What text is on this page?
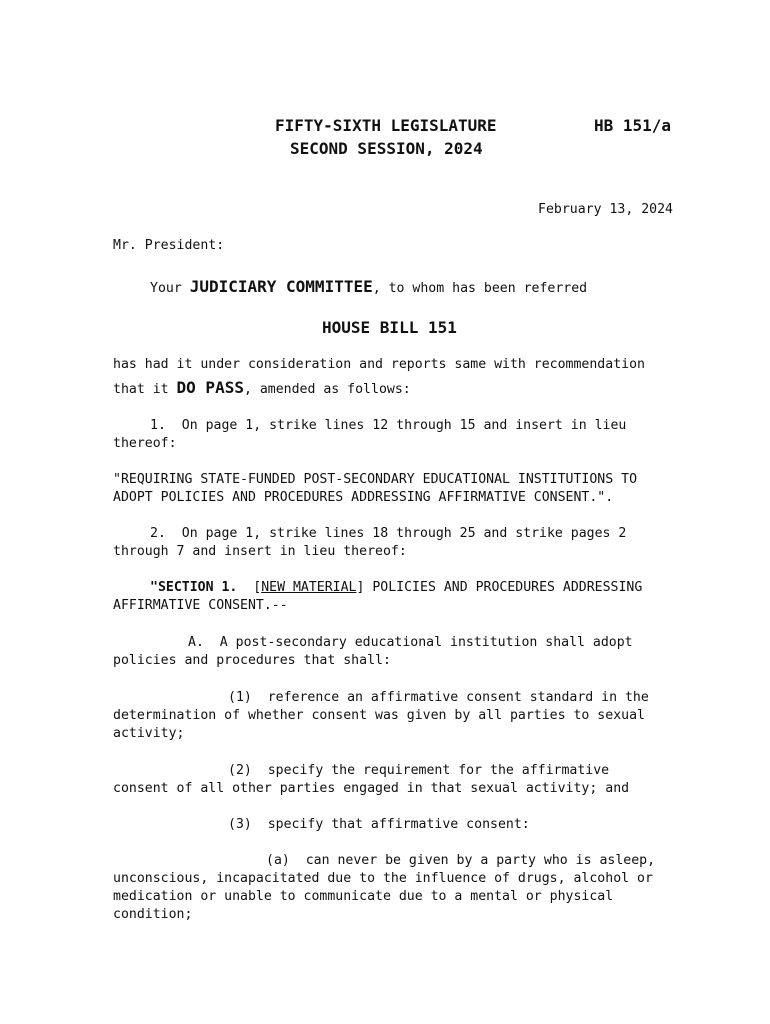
FIFTY-SIXTH LEGISLATURE	HB 151/a
SECOND SESSION, 2024
February 13, 2024
Mr. President:
Your JUDICIARY COMMITTEE, to whom has been referred
HOUSE BILL 151
has had it under consideration and reports same with recommendation
that it DO PASS, amended as follows:
1.  On page 1, strike lines 12 through 15 and insert in lieu
thereof:
"REQUIRING STATE-FUNDED POST-SECONDARY EDUCATIONAL INSTITUTIONS TO
ADOPT POLICIES AND PROCEDURES ADDRESSING AFFIRMATIVE CONSENT.".
2.  On page 1, strike lines 18 through 25 and strike pages 2
through 7 and insert in lieu thereof:
"SECTION 1. [NEW MATERIAL] POLICIES AND PROCEDURES ADDRESSING
AFFIRMATIVE CONSENT.--
A.  A post-secondary educational institution shall adopt
policies and procedures that shall:
(1)  reference an affirmative consent standard in the
determination of whether consent was given by all parties to sexual
activity;
(2)  specify the requirement for the affirmative
consent of all other parties engaged in that sexual activity; and
(3)  specify that affirmative consent:
(a)  can never be given by a party who is asleep,
unconscious, incapacitated due to the influence of drugs, alcohol or
medication or unable to communicate due to a mental or physical
condition;
